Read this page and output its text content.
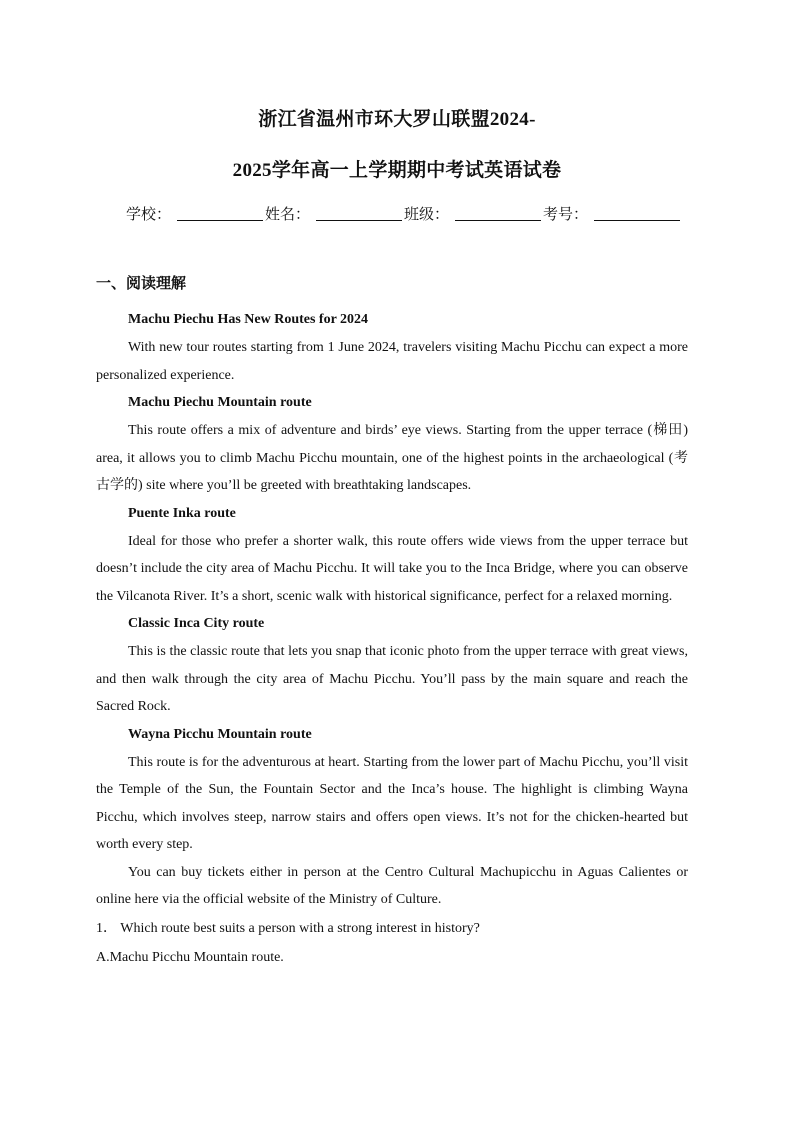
浙江省温州市环大罗山联盟2024-
2025学年高一上学期期中考试英语试卷
学校：	姓名：	班级：	考号：
一、阅读理解

Machu Piechu Has New Routes for 2024

With new tour routes starting from 1 June 2024, travelers visiting Machu Picchu can expect a more personalized experience.

Machu Piechu Mountain route

This route offers a mix of adventure and birds’ eye views. Starting from the upper terrace (梯田) area, it allows you to climb Machu Picchu mountain, one of the highest points in the archaeological (考古学的) site where you’ll be greeted with breathtaking landscapes.

Puente Inka route

Ideal for those who prefer a shorter walk, this route offers wide views from the upper terrace but doesn’t include the city area of Machu Picchu. It will take you to the Inca Bridge, where you can observe the Vilcanota River. It’s a short, scenic walk with historical significance, perfect for a relaxed morning.

Classic Inca City route

This is the classic route that lets you snap that iconic photo from the upper terrace with great views, and then walk through the city area of Machu Picchu. You’ll pass by the main square and reach the Sacred Rock.

Wayna Picchu Mountain route

This route is for the adventurous at heart. Starting from the lower part of Machu Picchu, you’ll visit the Temple of the Sun, the Fountain Sector and the Inca’s house. The highlight is climbing Wayna Picchu, which involves steep, narrow stairs and offers open views. It’s not for the chicken-hearted but worth every step.

You can buy tickets either in person at the Centro Cultural Machupicchu in Aguas Calientes or online here via the official website of the Ministry of Culture.

1． Which route best suits a person with a strong interest in history?

A.Machu Picchu Mountain route.
